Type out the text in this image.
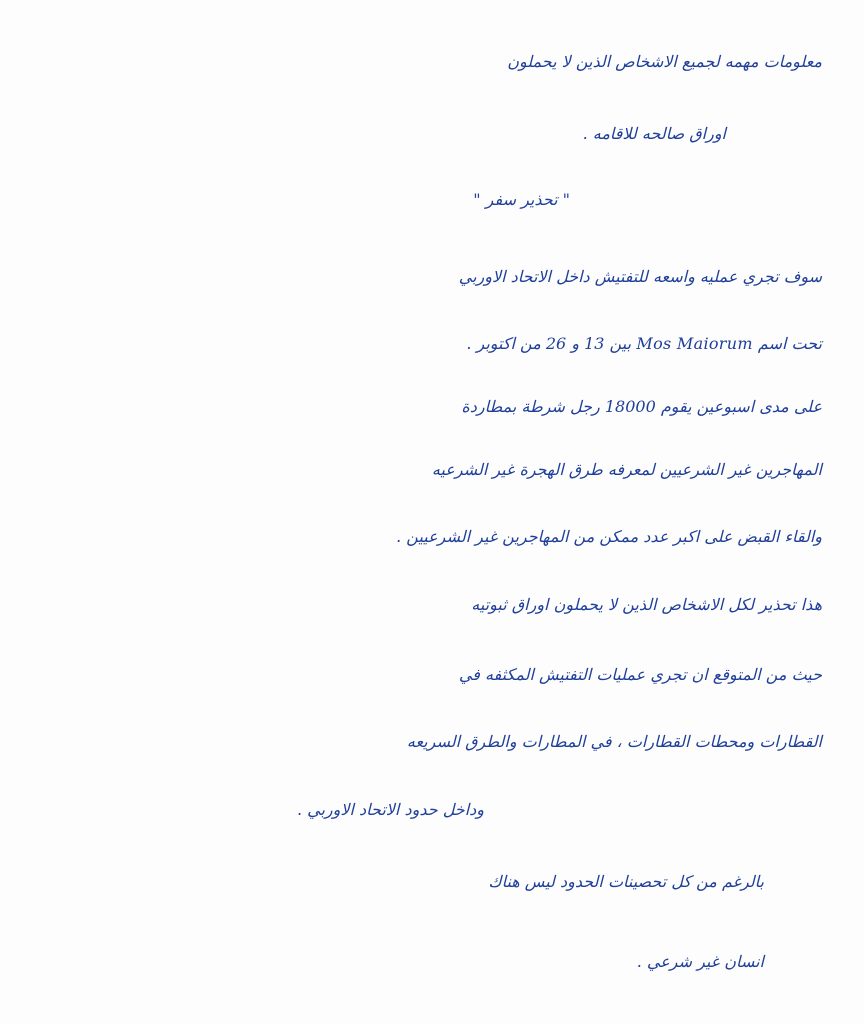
معلومات مهمه لجميع الاشخاص الذين لا يحملون
اوراق صالحه للاقامه .
" تحذير سفر "
سوف تجري عمليه واسعه للتفتيش داخل الاتحاد الاوربي
تحت اسم Mos Maiorum بين 13 و 26 من اكتوبر .
على مدى اسبوعين يقوم 18000 رجل شرطة بمطاردة
المهاجرين غير الشرعيين لمعرفه طرق الهجرة غير الشرعيه
والقاء القبض على اكبر عدد ممكن من المهاجرين غير الشرعيين .
هذا تحذير لكل الاشخاص الذين لا يحملون اوراق ثبوتيه
حيث من المتوقع ان تجري عمليات التفتيش المكثفه في
القطارات ومحطات القطارات ، في المطارات والطرق السريعه
وداخل حدود الاتحاد الاوربي .
بالرغم من كل تحصينات الحدود ليس هناك
انسان غير شرعي .
